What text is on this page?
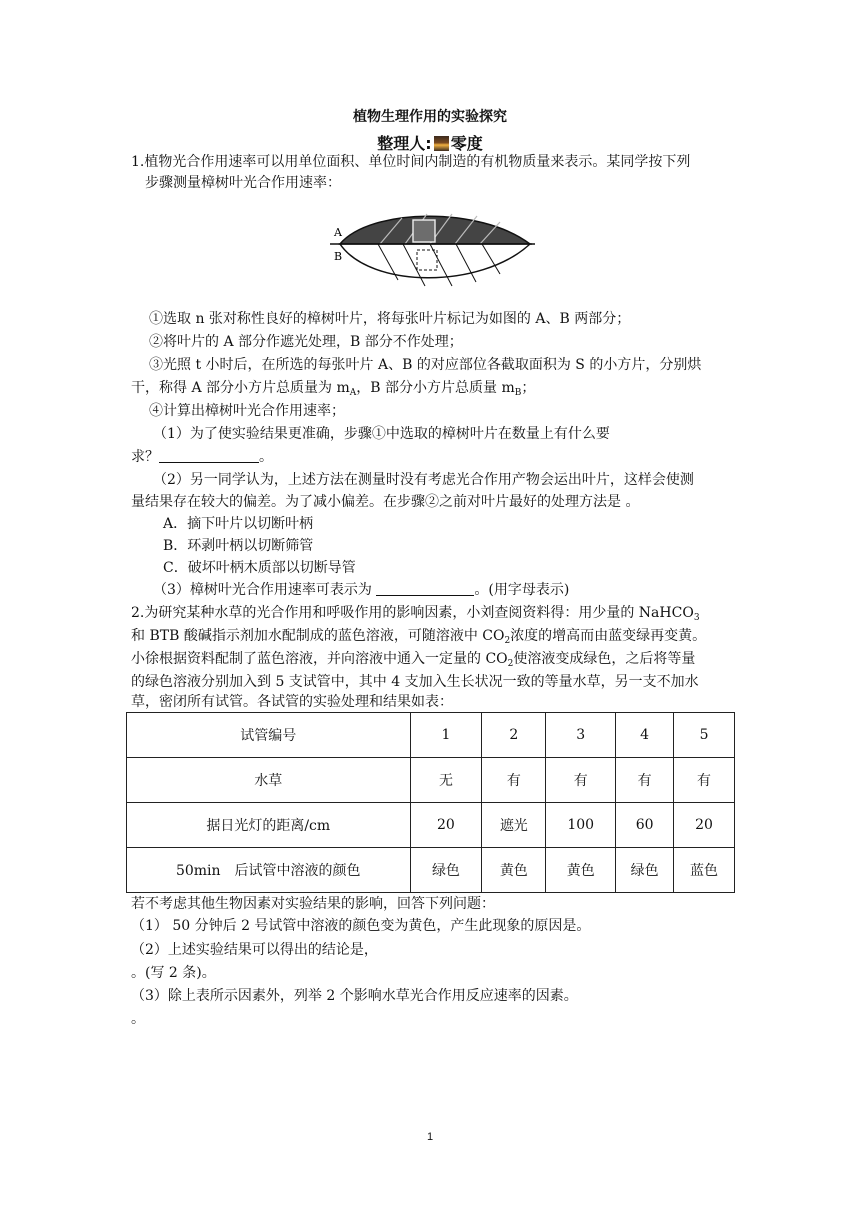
植物生理作用的实验探究
整理人: 零度
1.植物光合作用速率可以用单位面积、单位时间内制造的有机物质量来表示。某同学按下列
步骤测量樟树叶光合作用速率：
A
B
①选取 n 张对称性良好的樟树叶片，将每张叶片标记为如图的 A、B 两部分；
②将叶片的 A 部分作遮光处理，B 部分不作处理；
③光照 t 小时后，在所选的每张叶片 A、B 的对应部位各截取面积为 S 的小方片，分别烘
干，称得 A 部分小方片总质量为 $m_A$，B 部分小方片总质量 $m_B$；
④计算出樟树叶光合作用速率；
（1）为了使实验结果更准确，步骤①中选取的樟树叶片在数量上有什么要
求？	。
（2）另一同学认为，上述方法在测量时没有考虑光合作用产物会运出叶片，这样会使测
量结果存在较大的偏差。为了减小偏差。在步骤②之前对叶片最好的处理方法是 。
A．摘下叶片以切断叶柄
B．环剥叶柄以切断筛管
C．破坏叶柄木质部以切断导管
（3）樟树叶光合作用速率可表示为	。(用字母表示)
2.为研究某种水草的光合作用和呼吸作用的影响因素，小刘查阅资料得：用少量的 NaHCO$_3$
和 BTB 酸碱指示剂加水配制成的蓝色溶液，可随溶液中 $CO_2$浓度的增高而由蓝变绿再变黄。
小徐根据资料配制了蓝色溶液，并向溶液中通入一定量的 $CO_2$使溶液变成绿色，之后将等量
的绿色溶液分别加入到 5 支试管中，其中 4 支加入生长状况一致的等量水草，另一支不加水
草，密闭所有试管。各试管的实验处理和结果如表：
试管编号	1	2	3	4	5
水草	无	有	有	有	有
据日光灯的距离/cm	20	遮光	100	60	20
50min　后试管中溶液的颜色	绿色	黄色	黄色	绿色	蓝色
若不考虑其他生物因素对实验结果的影响，回答下列问题：
（1） 50 分钟后 2 号试管中溶液的颜色变为黄色，产生此现象的原因是。
（2）上述实验结果可以得出的结论是，
。(写 2 条)。
（3）除上表所示因素外，列举 2 个影响水草光合作用反应速率的因素。
。
1
